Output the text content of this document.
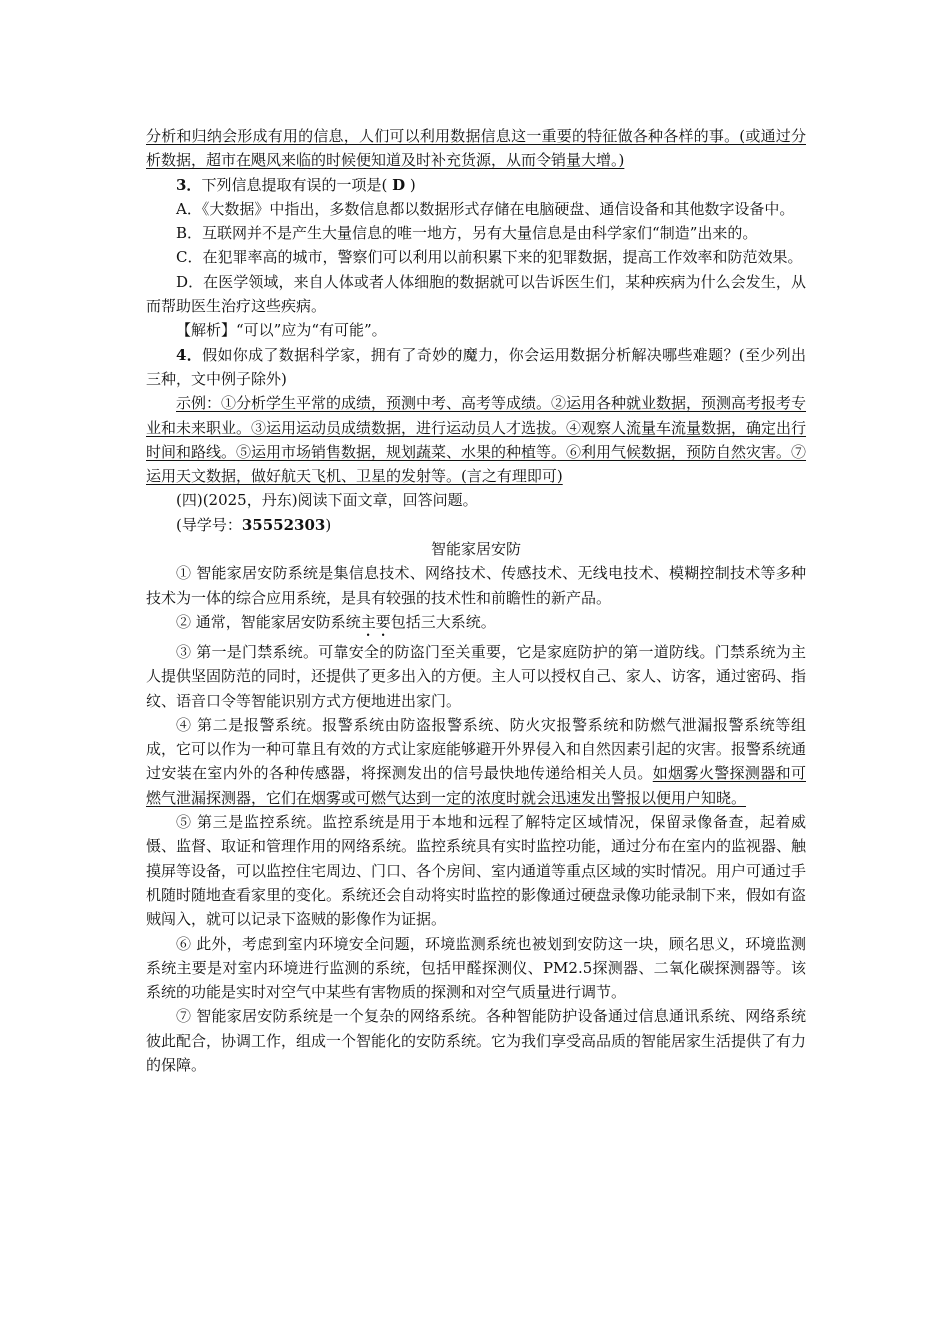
分析和归纳会形成有用的信息，人们可以利用数据信息这一重要的特征做各种各样的事。(或通过分析数据，超市在飓风来临的时候便知道及时补充货源，从而令销量大增。)

3．下列信息提取有误的一项是( D )

A．《大数据》中指出，多数信息都以数据形式存储在电脑硬盘、通信设备和其他数字设备中。

B．互联网并不是产生大量信息的唯一地方，另有大量信息是由科学家们“制造”出来的。

C．在犯罪率高的城市，警察们可以利用以前积累下来的犯罪数据，提高工作效率和防范效果。

D．在医学领域，来自人体或者人体细胞的数据就可以告诉医生们，某种疾病为什么会发生，从而帮助医生治疗这些疾病。

【解析】“可以”应为“有可能”。

4．假如你成了数据科学家，拥有了奇妙的魔力，你会运用数据分析解决哪些难题？(至少列出三种，文中例子除外)

示例：①分析学生平常的成绩，预测中考、高考等成绩。②运用各种就业数据，预测高考报考专业和未来职业。③运用运动员成绩数据，进行运动员人才选拔。④观察人流量车流量数据，确定出行时间和路线。⑤运用市场销售数据，规划蔬菜、水果的种植等。⑥利用气候数据，预防自然灾害。⑦运用天文数据，做好航天飞机、卫星的发射等。(言之有理即可)

(四)(2025，丹东)阅读下面文章，回答问题。

(导学号：35552303)

智能家居安防

① 智能家居安防系统是集信息技术、网络技术、传感技术、无线电技术、模糊控制技术等多种技术为一体的综合应用系统，是具有较强的技术性和前瞻性的新产品。

② 通常，智能家居安防系统主要包括三大系统。

③ 第一是门禁系统。可靠安全的防盗门至关重要，它是家庭防护的第一道防线。门禁系统为主人提供坚固防范的同时，还提供了更多出入的方便。主人可以授权自己、家人、访客，通过密码、指纹、语音口令等智能识别方式方便地进出家门。

④ 第二是报警系统。报警系统由防盗报警系统、防火灾报警系统和防燃气泄漏报警系统等组成，它可以作为一种可靠且有效的方式让家庭能够避开外界侵入和自然因素引起的灾害。报警系统通过安装在室内外的各种传感器，将探测发出的信号最快地传递给相关人员。如烟雾火警探测器和可燃气泄漏探测器，它们在烟雾或可燃气达到一定的浓度时就会迅速发出警报以便用户知晓。

⑤ 第三是监控系统。监控系统是用于本地和远程了解特定区域情况，保留录像备查，起着威慑、监督、取证和管理作用的网络系统。监控系统具有实时监控功能，通过分布在室内的监视器、触摸屏等设备，可以监控住宅周边、门口、各个房间、室内通道等重点区域的实时情况。用户可通过手机随时随地查看家里的变化。系统还会自动将实时监控的影像通过硬盘录像功能录制下来，假如有盗贼闯入，就可以记录下盗贼的影像作为证据。

⑥ 此外，考虑到室内环境安全问题，环境监测系统也被划到安防这一块，顾名思义，环境监测系统主要是对室内环境进行监测的系统，包括甲醛探测仪、PM2.5探测器、二氧化碳探测器等。该系统的功能是实时对空气中某些有害物质的探测和对空气质量进行调节。

⑦ 智能家居安防系统是一个复杂的网络系统。各种智能防护设备通过信息通讯系统、网络系统彼此配合，协调工作，组成一个智能化的安防系统。它为我们享受高品质的智能居家生活提供了有力的保障。
